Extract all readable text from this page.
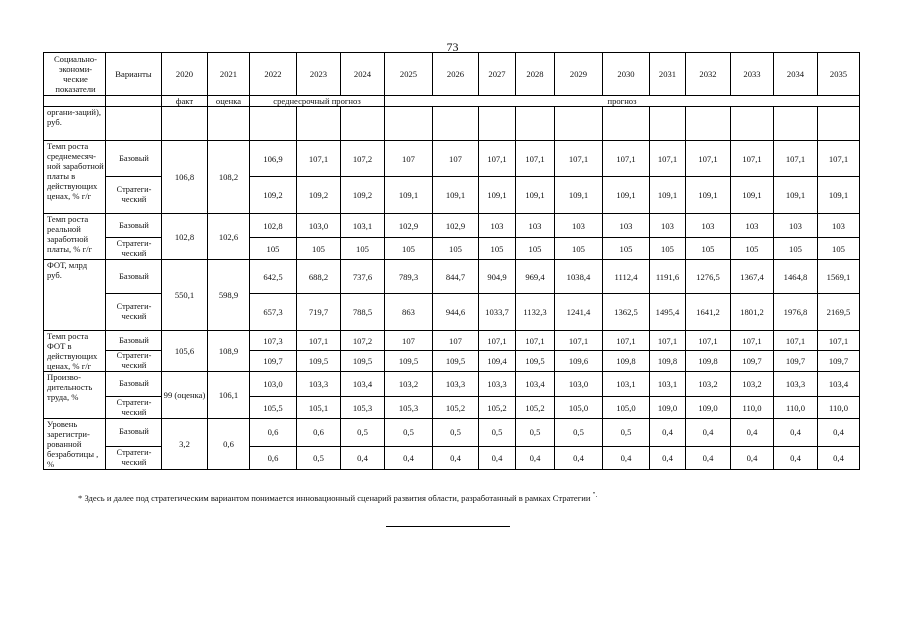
73
Социально-экономи-ческие показатели	Варианты	2020	2021	2022	2023	2024	2025	2026	2027	2028	2029	2030	2031	2032	2033	2034	2035
		факт	оценка	среднесрочный прогноз			прогноз										
органи-заций), руб.																	
Темп роста среднемесяч-ной заработной платы в действующих ценах, % г/г	Базовый	106,8	108,2	106,9	107,1	107,2	107	107	107,1	107,1	107,1	107,1	107,1	107,1	107,1	107,1	107,1
	Стратеги-ческий			109,2	109,2	109,2	109,1	109,1	109,1	109,1	109,1	109,1	109,1	109,1	109,1	109,1	109,1
Темп роста реальной заработной платы, % г/г	Базовый	102,8	102,6	102,8	103,0	103,1	102,9	102,9	103	103	103	103	103	103	103	103	103
	Стратеги-ческий			105	105	105	105	105	105	105	105	105	105	105	105	105	105
ФОТ, млрд руб.	Базовый	550,1	598,9	642,5	688,2	737,6	789,3	844,7	904,9	969,4	1038,4	1112,4	1191,6	1276,5	1367,4	1464,8	1569,1
	Стратеги-ческий			657,3	719,7	788,5	863	944,6	1033,7	1132,3	1241,4	1362,5	1495,4	1641,2	1801,2	1976,8	2169,5
Темп роста ФОТ в действующих ценах, % г/г	Базовый	105,6	108,9	107,3	107,1	107,2	107	107	107,1	107,1	107,1	107,1	107,1	107,1	107,1	107,1	107,1
	Стратеги-ческий			109,7	109,5	109,5	109,5	109,5	109,4	109,5	109,6	109,8	109,8	109,8	109,7	109,7	109,7
Произво-дительность труда, %	Базовый	99 (оценка)	106,1	103,0	103,3	103,4	103,2	103,3	103,3	103,4	103,0	103,1	103,1	103,2	103,2	103,3	103,4
	Стратеги-ческий			105,5	105,1	105,3	105,3	105,2	105,2	105,2	105,0	105,0	109,0	109,0	110,0	110,0	110,0
Уровень зарегистри-рованной безработицы , %	Базовый	3,2	0,6	0,6	0,6	0,5	0,5	0,5	0,5	0,5	0,5	0,5	0,4	0,4	0,4	0,4	0,4
	Стратеги-ческий			0,6	0,5	0,4	0,4	0,4	0,4	0,4	0,4	0,4	0,4	0,4	0,4	0,4	0,4
* Здесь и далее под стратегическим вариантом понимается инновационный сценарий развития области, разработанный в рамках Стратегии ".
